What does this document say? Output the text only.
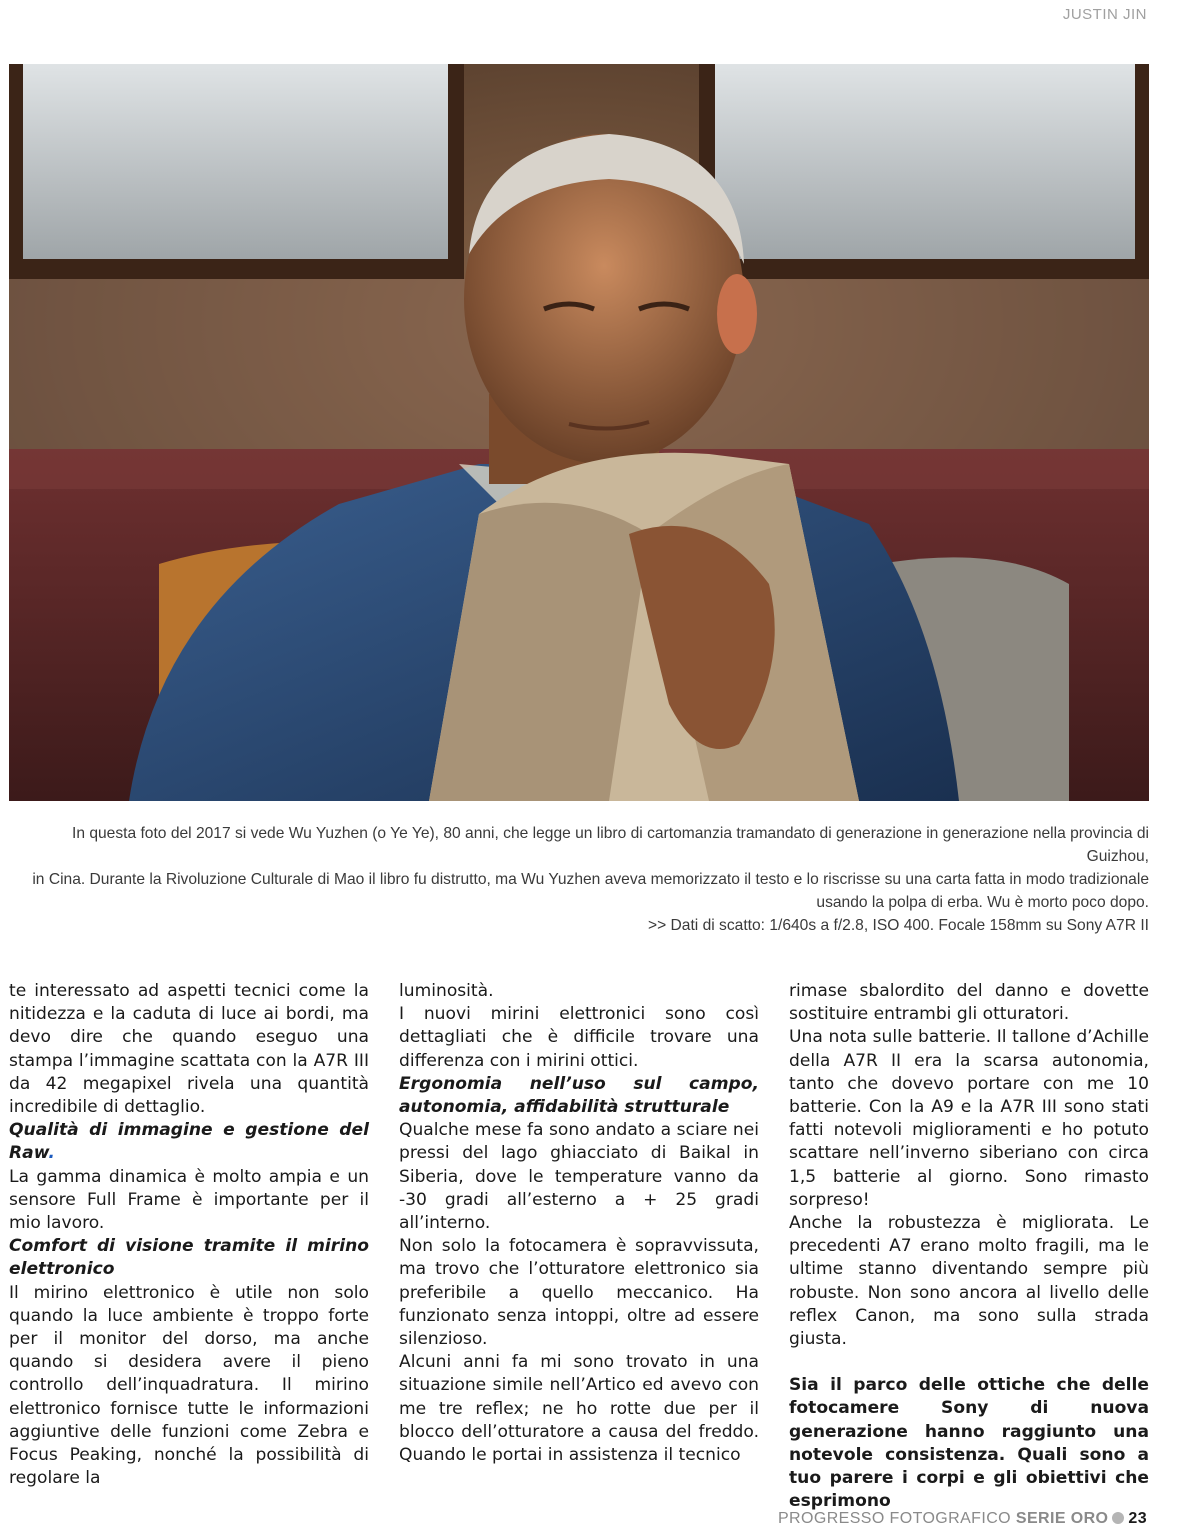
JUSTIN JIN

In questa foto del 2017 si vede Wu Yuzhen (o Ye Ye), 80 anni, che legge un libro di cartomanzia tramandato di generazione in generazione nella provincia di Guizhou,

in Cina. Durante la Rivoluzione Culturale di Mao il libro fu distrutto, ma Wu Yuzhen aveva memorizzato il testo e lo riscrisse su una carta fatta in modo tradizionale

usando la polpa di erba. Wu è morto poco dopo.

>> Dati di scatto: 1/640s a f/2.8, ISO 400. Focale 158mm su Sony A7R II

te interessato ad aspetti tecnici come la nitidezza e la caduta di luce ai bordi, ma devo dire che quando eseguo una stampa l’immagine scattata con la A7R III da 42 megapixel rivela una quantità incredibile di dettaglio.

Qualità di immagine e gestione del Raw.

La gamma dinamica è molto ampia e un sensore Full Frame è importante per il mio lavoro.

Comfort di visione tramite il mirino elettronico

Il mirino elettronico è utile non solo quando la luce ambiente è troppo forte per il monitor del dorso, ma anche quando si desidera avere il pieno controllo dell’inquadratura. Il mirino elettronico fornisce tutte le informazioni aggiuntive delle funzioni come Zebra e Focus Peaking, nonché la possibilità di regolare la

luminosità.

I nuovi mirini elettronici sono così dettagliati che è difficile trovare una differenza con i mirini ottici.

Ergonomia nell’uso sul campo, autonomia, affidabilità strutturale

Qualche mese fa sono andato a sciare nei pressi del lago ghiacciato di Baikal in Siberia, dove le temperature vanno da -30 gradi all’esterno a + 25 gradi all’interno.

Non solo la fotocamera è sopravvissuta, ma trovo che l’otturatore elettronico sia preferibile a quello meccanico. Ha funzionato senza intoppi, oltre ad essere silenzioso.

Alcuni anni fa mi sono trovato in una situazione simile nell’Artico ed avevo con me tre reflex; ne ho rotte due per il blocco dell’otturatore a causa del freddo. Quando le portai in assistenza il tecnico

rimase sbalordito del danno e dovette sostituire entrambi gli otturatori.

Una nota sulle batterie. Il tallone d’Achille della A7R II era la scarsa autonomia, tanto che dovevo portare con me 10 batterie. Con la A9 e la A7R III sono stati fatti notevoli miglioramenti e ho potuto scattare nell’inverno siberiano con circa 1,5 batterie al giorno. Sono rimasto sorpreso!

Anche la robustezza è migliorata. Le precedenti A7 erano molto fragili, ma le ultime stanno diventando sempre più robuste. Non sono ancora al livello delle reflex Canon, ma sono sulla strada giusta.

Sia il parco delle ottiche che delle fotocamere Sony di nuova generazione hanno raggiunto una notevole consistenza. Quali sono a tuo parere i corpi e gli obiettivi che esprimono

PROGRESSO FOTOGRAFICO SERIE ORO 23
